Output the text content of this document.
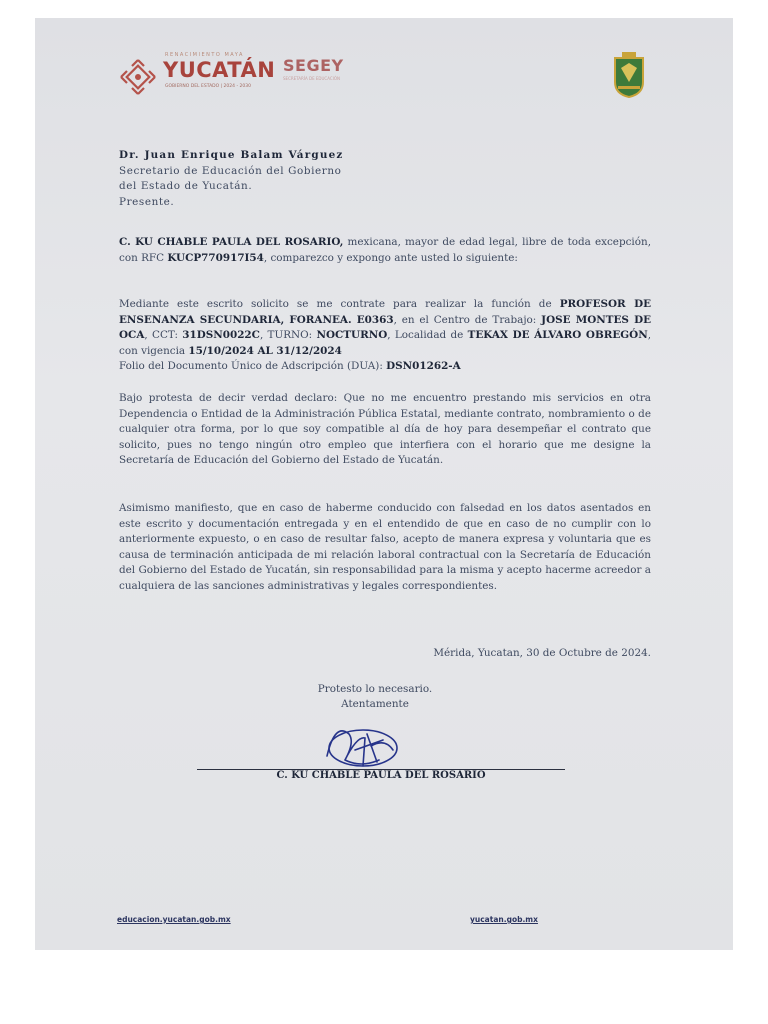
RENACIMIENTO MAYA
YUCATÁN
GOBIERNO DEL ESTADO | 2024 - 2030
SEGEY
SECRETARÍA DE EDUCACIÓN
Dr. Juan Enrique Balam Várguez
Secretario de Educación del Gobierno
del Estado de Yucatán.
Presente.
C. KU CHABLE PAULA DEL ROSARIO, mexicana, mayor de edad legal, libre de toda excepción, con RFC KUCP770917I54, comparezco y expongo ante usted lo siguiente:
Mediante este escrito solicito se me contrate para realizar la función de PROFESOR DE ENSENANZA SECUNDARIA, FORANEA. E0363, en el Centro de Trabajo: JOSE MONTES DE OCA, CCT: 31DSN0022C, TURNO: NOCTURNO, Localidad de TEKAX DE ÁLVARO OBREGÓN, con vigencia 15/10/2024 AL 31/12/2024
Folio del Documento Único de Adscripción (DUA): DSN01262-A
Bajo protesta de decir verdad declaro: Que no me encuentro prestando mis servicios en otra Dependencia o Entidad de la Administración Pública Estatal, mediante contrato, nombramiento o de cualquier otra forma, por lo que soy compatible al día de hoy para desempeñar el contrato que solicito, pues no tengo ningún otro empleo que interfiera con el horario que me designe la Secretaría de Educación del Gobierno del Estado de Yucatán.
Asimismo manifiesto, que en caso de haberme conducido con falsedad en los datos asentados en este escrito y documentación entregada y en el entendido de que en caso de no cumplir con lo anteriormente expuesto, o en caso de resultar falso, acepto de manera expresa y voluntaria que es causa de terminación anticipada de mi relación laboral contractual con la Secretaría de Educación del Gobierno del Estado de Yucatán, sin responsabilidad para la misma y acepto hacerme acreedor a cualquiera de las sanciones administrativas y legales correspondientes.
Mérida, Yucatan, 30 de Octubre de 2024.
Protesto lo necesario.
Atentamente
C. KU CHABLE PAULA DEL ROSARIO
educacion.yucatan.gob.mx	yucatan.gob.mx
